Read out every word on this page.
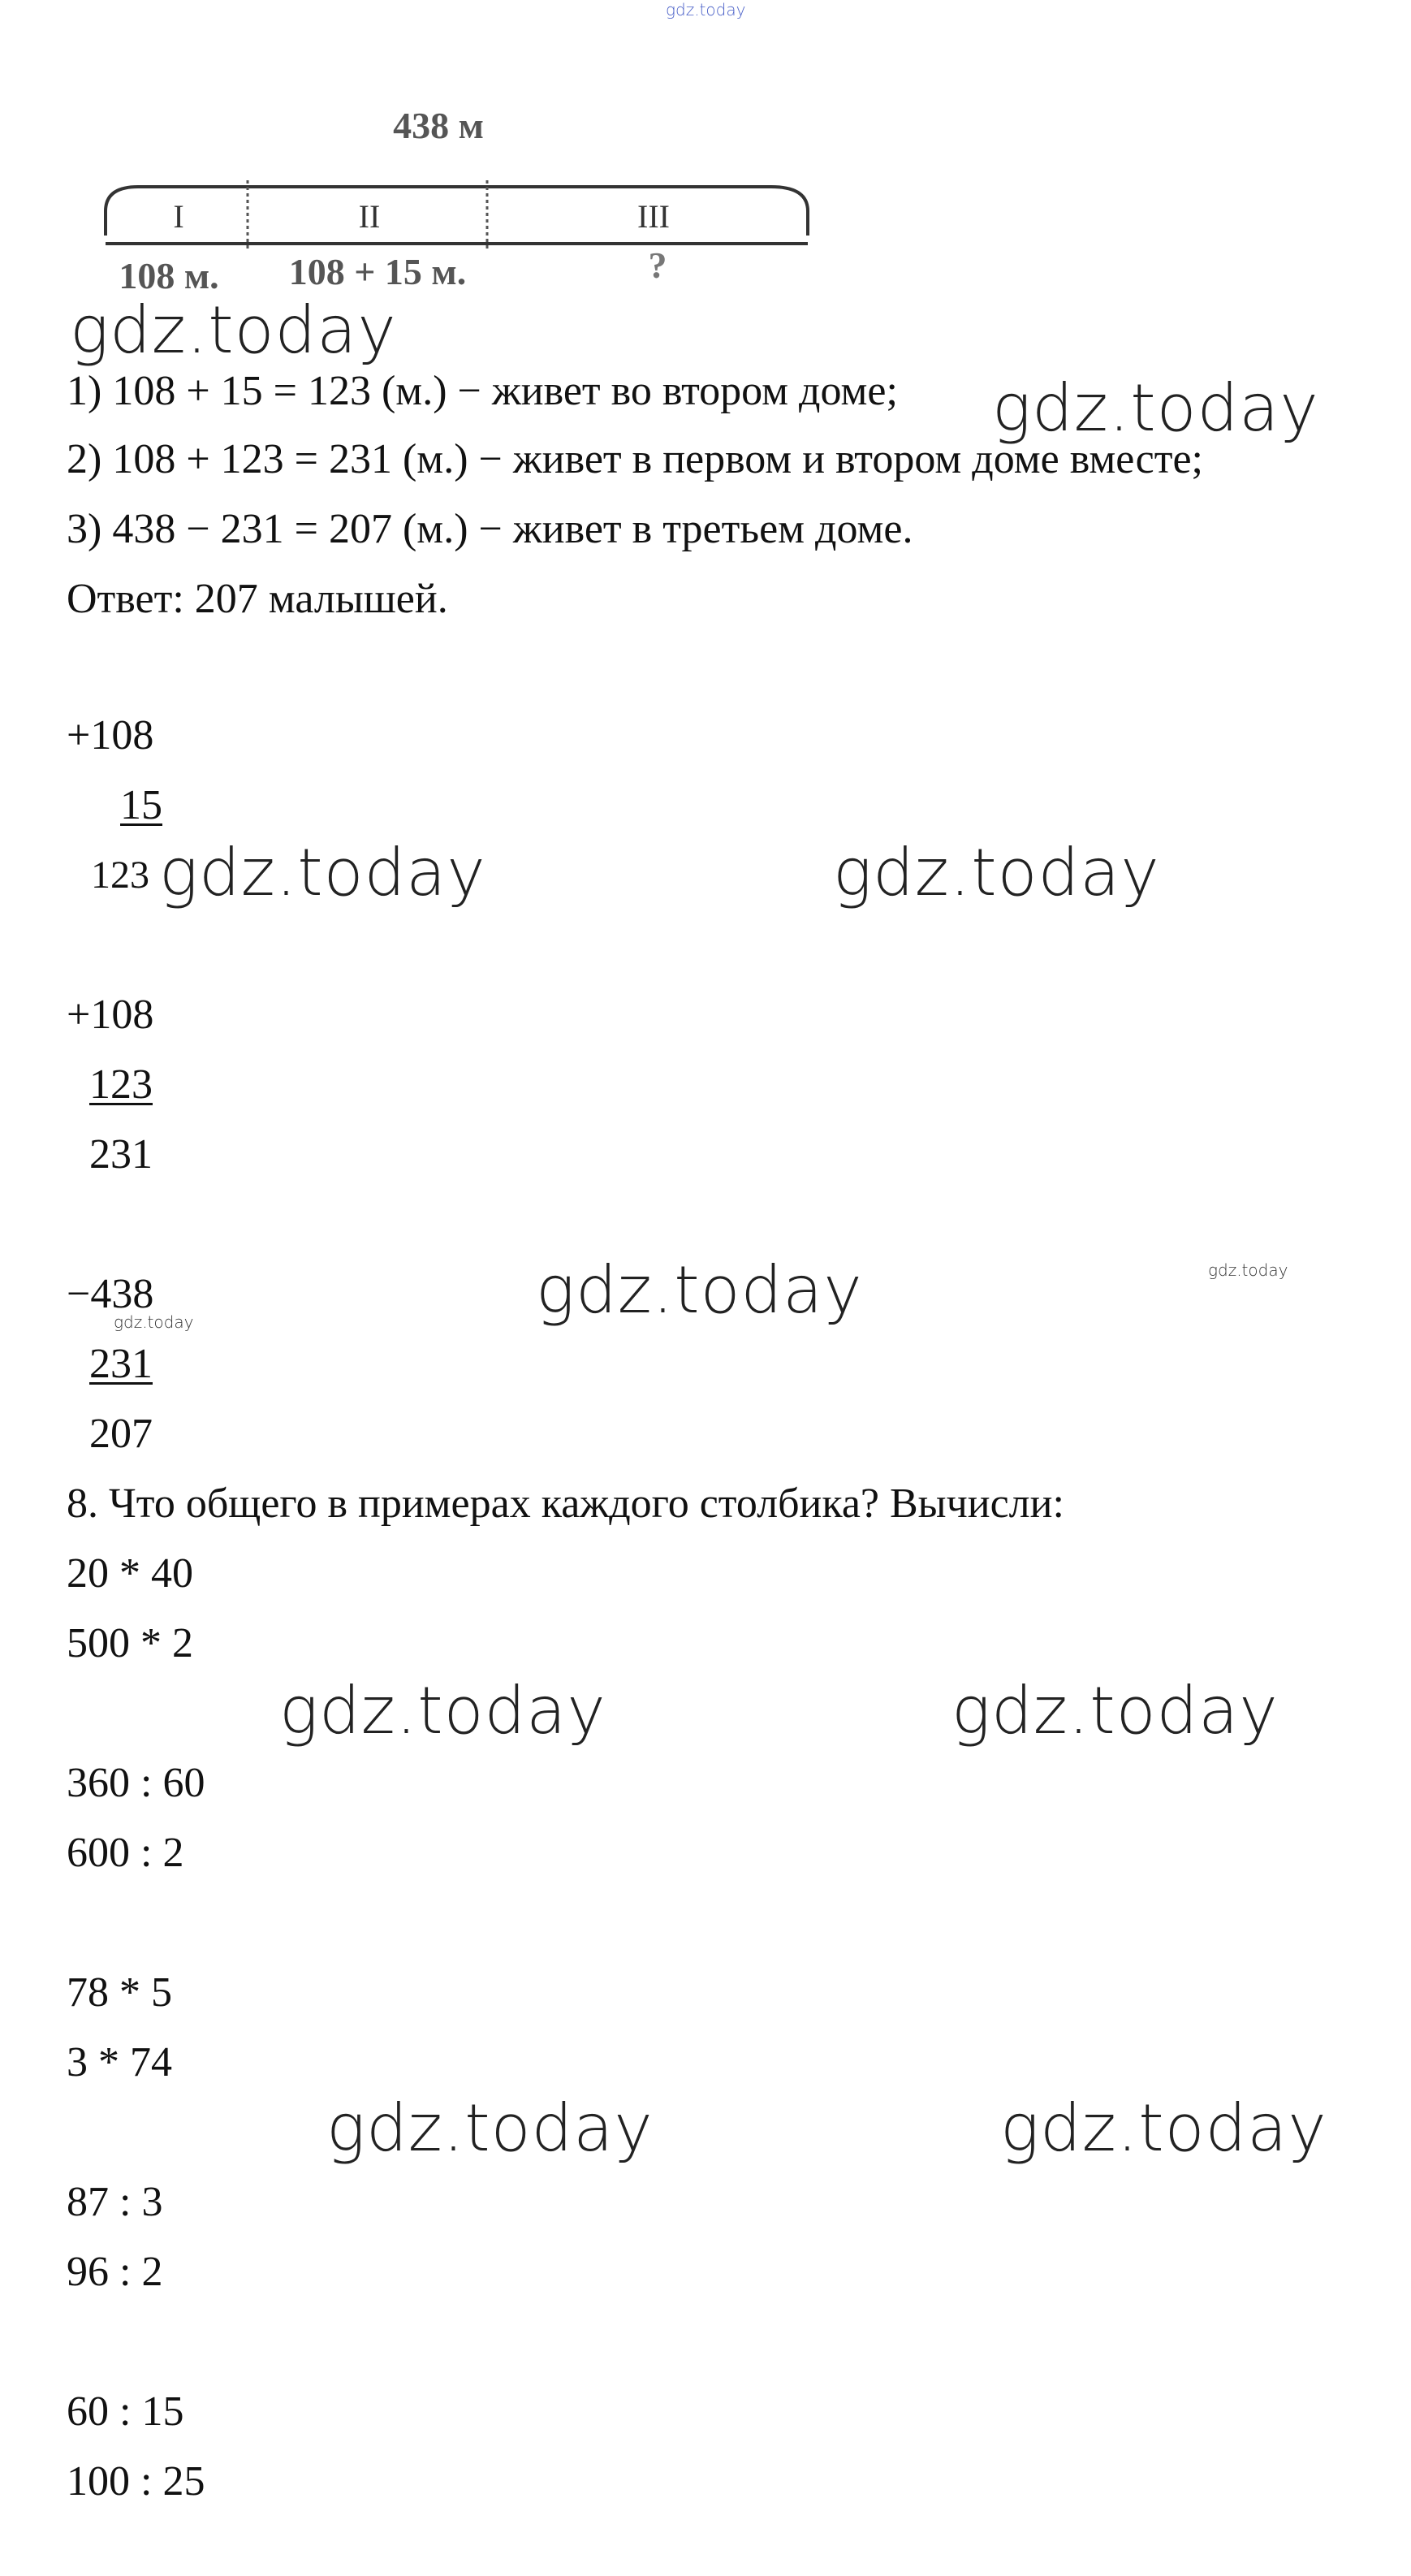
gdz.today
438 м
I	II	III
108 м. 108 + 15 м.	?
gdz.today
gdz.today
1) 108 + 15 = 123 (м.) − живет во втором доме;
2) 108 + 123 = 231 (м.) − живет в первом и втором доме вместе;
3) 438 − 231 = 207 (м.) − живет в третьем доме.
Ответ: 207 малышей.
+108
15
123 gdz.today	gdz.today
+108
123
231
−438
gdz.today	gdz.today	gdz.today
231
207
8. Что общего в примерах каждого столбика? Вычисли:
20 * 40
500 * 2
gdz.today	gdz.today
360 : 60
600 : 2
78 * 5
3 * 74
gdz.today	gdz.today
87 : 3
96 : 2
60 : 15
100 : 25
